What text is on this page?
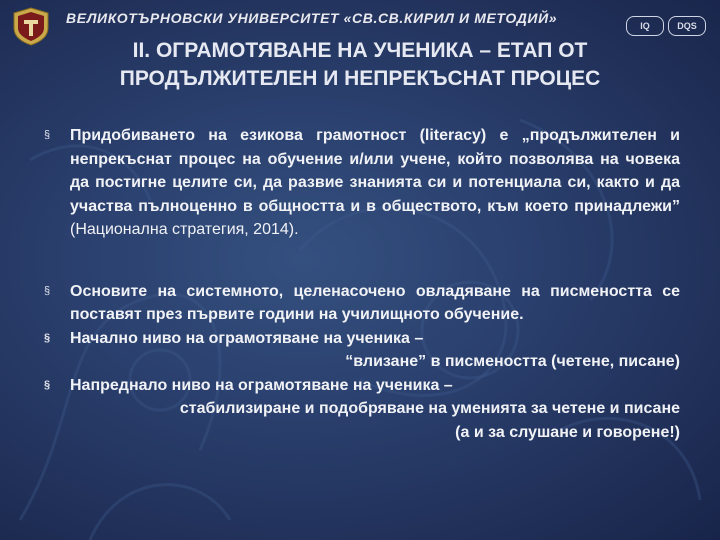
ВЕЛИКОТЪРНОВСКИ УНИВЕРСИТЕТ «СВ.СВ.КИРИЛ И МЕТОДИЙ»	IQ	DQS
II. ОГРАМОТЯВАНЕ НА УЧЕНИКА – ЕТАП ОТ
ПРОДЪЛЖИТЕЛЕН И НЕПРЕКЪСНАТ ПРОЦЕС

§ Придобиването на езикова грамотност (literacy) е „продължителен и непрекъснат процес на обучение и/или учене, който позволява на човека да постигне целите си, да развие знанията си и потенциала си, както и да участва пълноценно в общността и в обществото, към което принадлежи” (Национална стратегия, 2014).

§ Основите на системното, целенасочено овладяване на писмеността се поставят през първите години на училищното обучение.

§ Начално ниво на ограмотяване на ученика –
“влизане” в писмеността (четене, писане)

§ Напреднало ниво на ограмотяване на ученика –
стабилизиране и подобряване на уменията за четене и писане
(а и за слушане и говорене!)
